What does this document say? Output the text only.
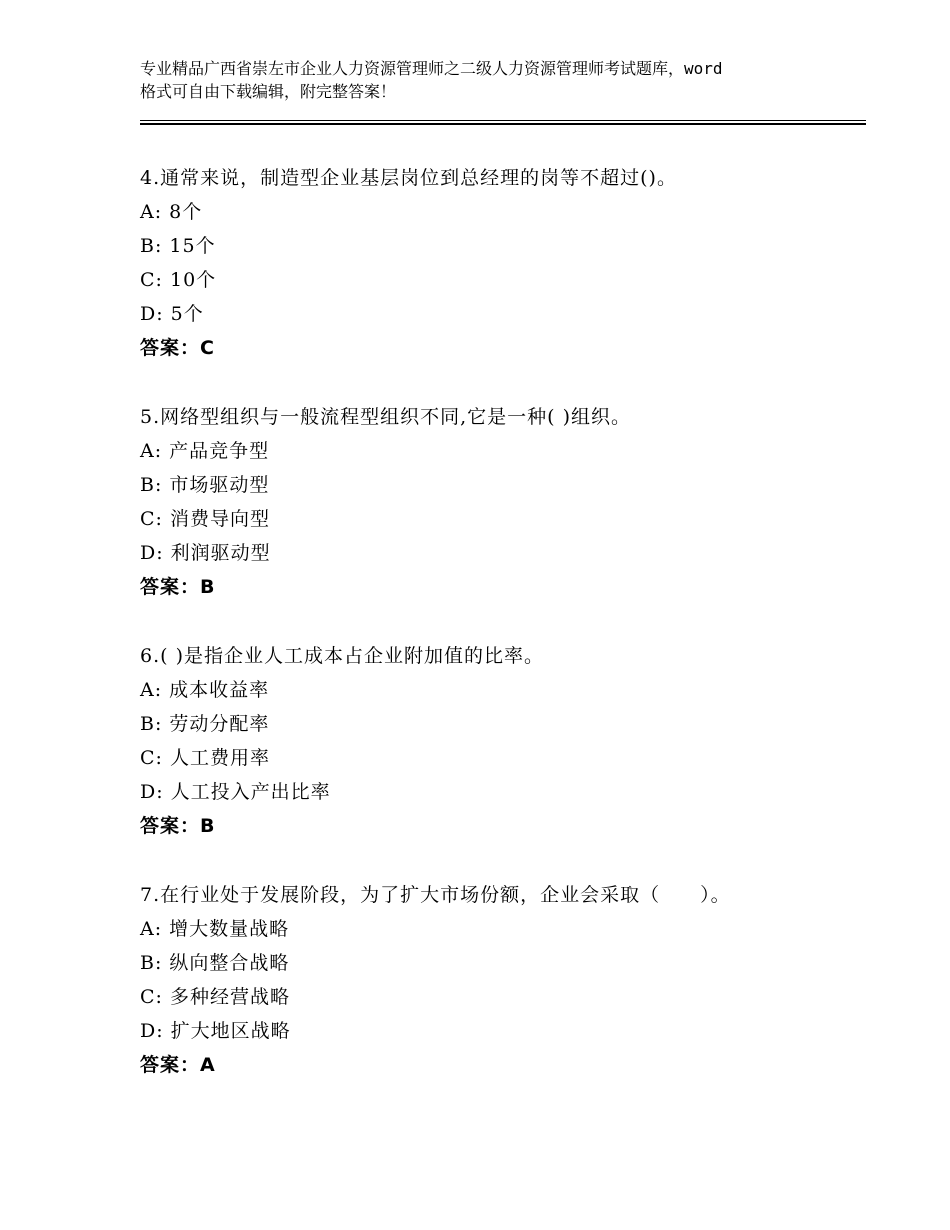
专业精品广西省崇左市企业人力资源管理师之二级人力资源管理师考试题库，word
格式可自由下载编辑，附完整答案！
4.通常来说，制造型企业基层岗位到总经理的岗等不超过()。
A: 8个
B: 15个
C: 10个
D: 5个
答案：C
5.网络型组织与一般流程型组织不同,它是一种( )组织。
A: 产品竞争型
B: 市场驱动型
C: 消费导向型
D: 利润驱动型
答案：B
6.( )是指企业人工成本占企业附加值的比率。
A: 成本收益率
B: 劳动分配率
C: 人工费用率
D: 人工投入产出比率
答案：B
7.在行业处于发展阶段，为了扩大市场份额，企业会采取（　　）。
A: 增大数量战略
B: 纵向整合战略
C: 多种经营战略
D: 扩大地区战略
答案：A
